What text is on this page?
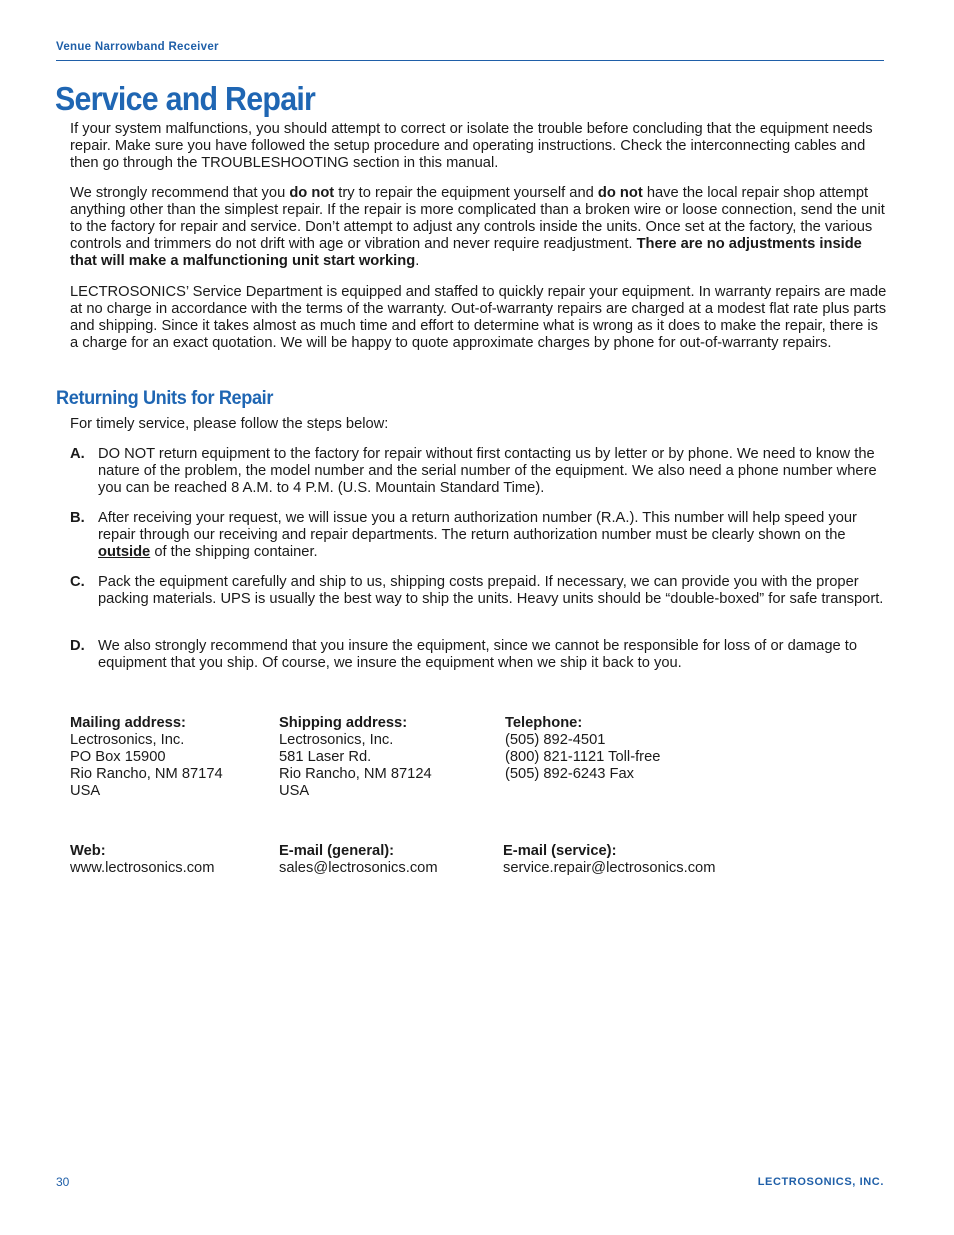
Venue Narrowband Receiver
Service and Repair

If your system malfunctions, you should attempt to correct or isolate the trouble before concluding that the equipment needs repair. Make sure you have followed the setup procedure and operating instructions. Check the interconnecting cables and then go through the TROUBLESHOOTING section in this manual.

We strongly recommend that you do not try to repair the equipment yourself and do not have the local repair shop attempt anything other than the simplest repair. If the repair is more complicated than a broken wire or loose connection, send the unit to the factory for repair and service. Don’t attempt to adjust any controls inside the units. Once set at the factory, the various controls and trimmers do not drift with age or vibration and never require readjustment. There are no adjustments inside that will make a malfunctioning unit start working.

LECTROSONICS’ Service Department is equipped and staffed to quickly repair your equipment. In warranty repairs are made at no charge in accordance with the terms of the warranty. Out-of-warranty repairs are charged at a modest flat rate plus parts and shipping. Since it takes almost as much time and effort to determine what is wrong as it does to make the repair, there is a charge for an exact quotation. We will be happy to quote approximate charges by phone for out-of-warranty repairs.

Returning Units for Repair

For timely service, please follow the steps below:

A. DO NOT return equipment to the factory for repair without first contacting us by letter or by phone. We need to know the nature of the problem, the model number and the serial number of the equipment. We also need a phone number where you can be reached 8 A.M. to 4 P.M. (U.S. Mountain Standard Time).
B. After receiving your request, we will issue you a return authorization number (R.A.). This number will help speed your repair through our receiving and repair departments. The return authorization number must be clearly shown on the outside of the shipping container.
C. Pack the equipment carefully and ship to us, shipping costs prepaid. If necessary, we can provide you with the proper packing materials. UPS is usually the best way to ship the units. Heavy units should be “double-boxed” for safe transport.
D. We also strongly recommend that you insure the equipment, since we cannot be responsible for loss of or damage to equipment that you ship. Of course, we insure the equipment when we ship it back to you.
Mailing address:
Lectrosonics, Inc.
PO Box 15900
Rio Rancho, NM 87174
USA
Shipping address:
Lectrosonics, Inc.
581 Laser Rd.
Rio Rancho, NM 87124
USA
Telephone:
(505) 892-4501
(800) 821-1121 Toll-free
(505) 892-6243 Fax
Web:
www.lectrosonics.com
E-mail (general):
sales@lectrosonics.com
E-mail (service):
service.repair@lectrosonics.com
30	LECTROSONICS, INC.
